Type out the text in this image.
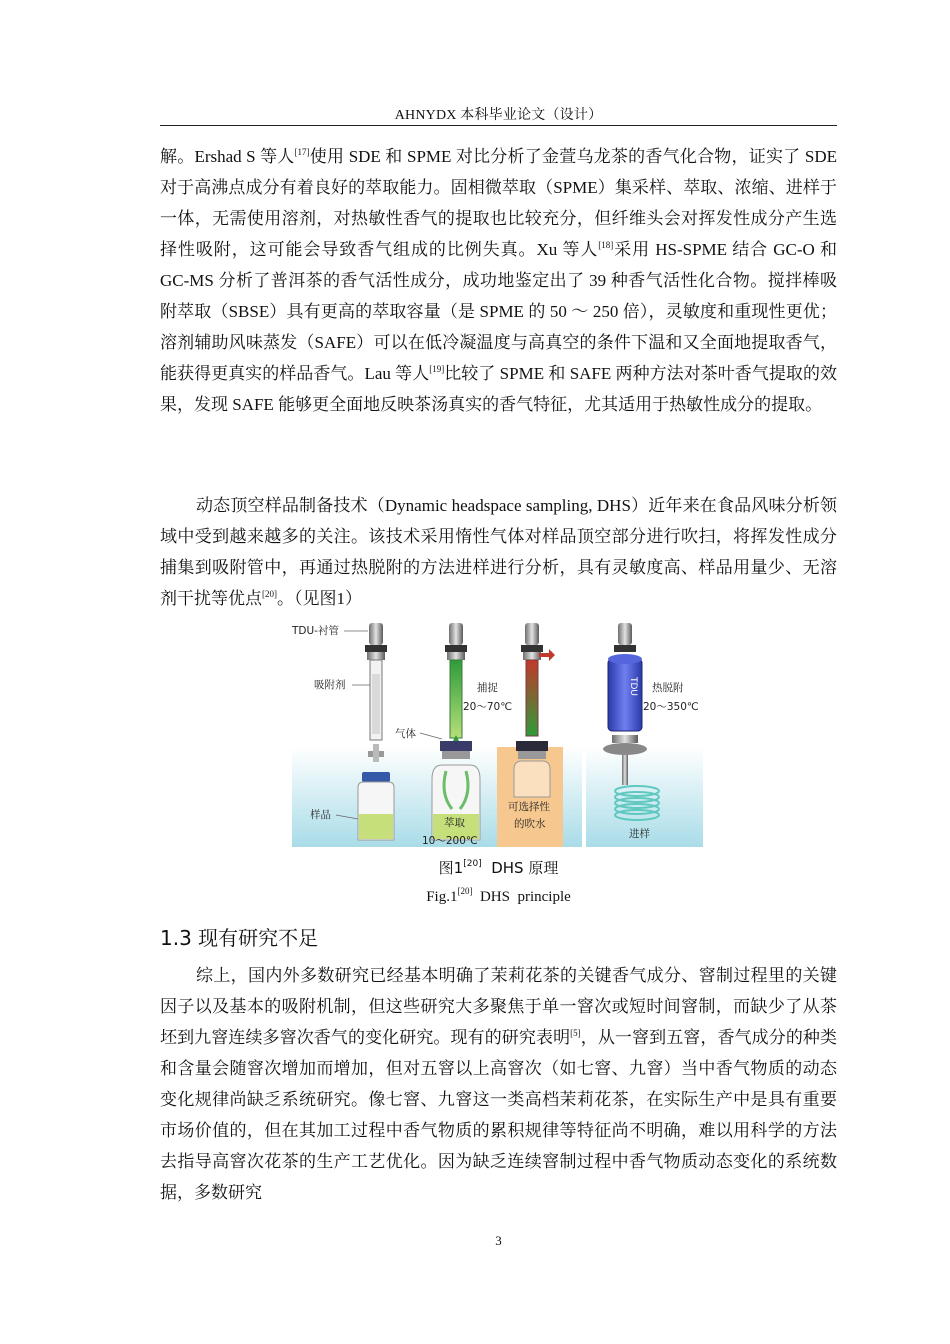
AHNYDX 本科毕业论文（设计）

解。Ershad S 等人[17]使用 SDE 和 SPME 对比分析了金萱乌龙茶的香气化合物，证实了 SDE 对于高沸点成分有着良好的萃取能力。固相微萃取（SPME）集采样、萃取、浓缩、进样于一体，无需使用溶剂，对热敏性香气的提取也比较充分，但纤维头会对挥发性成分产生选择性吸附，这可能会导致香气组成的比例失真。Xu 等人[18]采用 HS-SPME 结合 GC-O 和 GC-MS 分析了普洱茶的香气活性成分，成功地鉴定出了 39 种香气活性化合物。搅拌棒吸附萃取（SBSE）具有更高的萃取容量（是 SPME 的 50 ～ 250 倍），灵敏度和重现性更优；溶剂辅助风味蒸发（SAFE）可以在低冷凝温度与高真空的条件下温和又全面地提取香气，能获得更真实的样品香气。Lau 等人[19]比较了 SPME 和 SAFE 两种方法对茶叶香气提取的效果，发现 SAFE 能够更全面地反映茶汤真实的香气特征，尤其适用于热敏性成分的提取。

动态顶空样品制备技术（Dynamic headspace sampling, DHS）近年来在食品风味分析领域中受到越来越多的关注。该技术采用惰性气体对样品顶空部分进行吹扫，将挥发性成分捕集到吸附管中，再通过热脱附的方法进样进行分析，具有灵敏度高、样品用量少、无溶剂干扰等优点[20]。（见图1）

TDU-衬管
吸附剂
气体
样品
萃取
10～200℃
捕捉
20～70℃
可选择性
的吹水
热脱附
20～350℃
TDU
进样
图1[20]  DHS 原理
Fig.1[20]  DHS  principle
1.3 现有研究不足

综上，国内外多数研究已经基本明确了茉莉花茶的关键香气成分、窨制过程里的关键因子以及基本的吸附机制，但这些研究大多聚焦于单一窨次或短时间窨制，而缺少了从茶坯到九窨连续多窨次香气的变化研究。现有的研究表明[5]，从一窨到五窨，香气成分的种类和含量会随窨次增加而增加，但对五窨以上高窨次（如七窨、九窨）当中香气物质的动态变化规律尚缺乏系统研究。像七窨、九窨这一类高档茉莉花茶，在实际生产中是具有重要市场价值的，但在其加工过程中香气物质的累积规律等特征尚不明确，难以用科学的方法去指导高窨次花茶的生产工艺优化。因为缺乏连续窨制过程中香气物质动态变化的系统数据，多数研究

3
